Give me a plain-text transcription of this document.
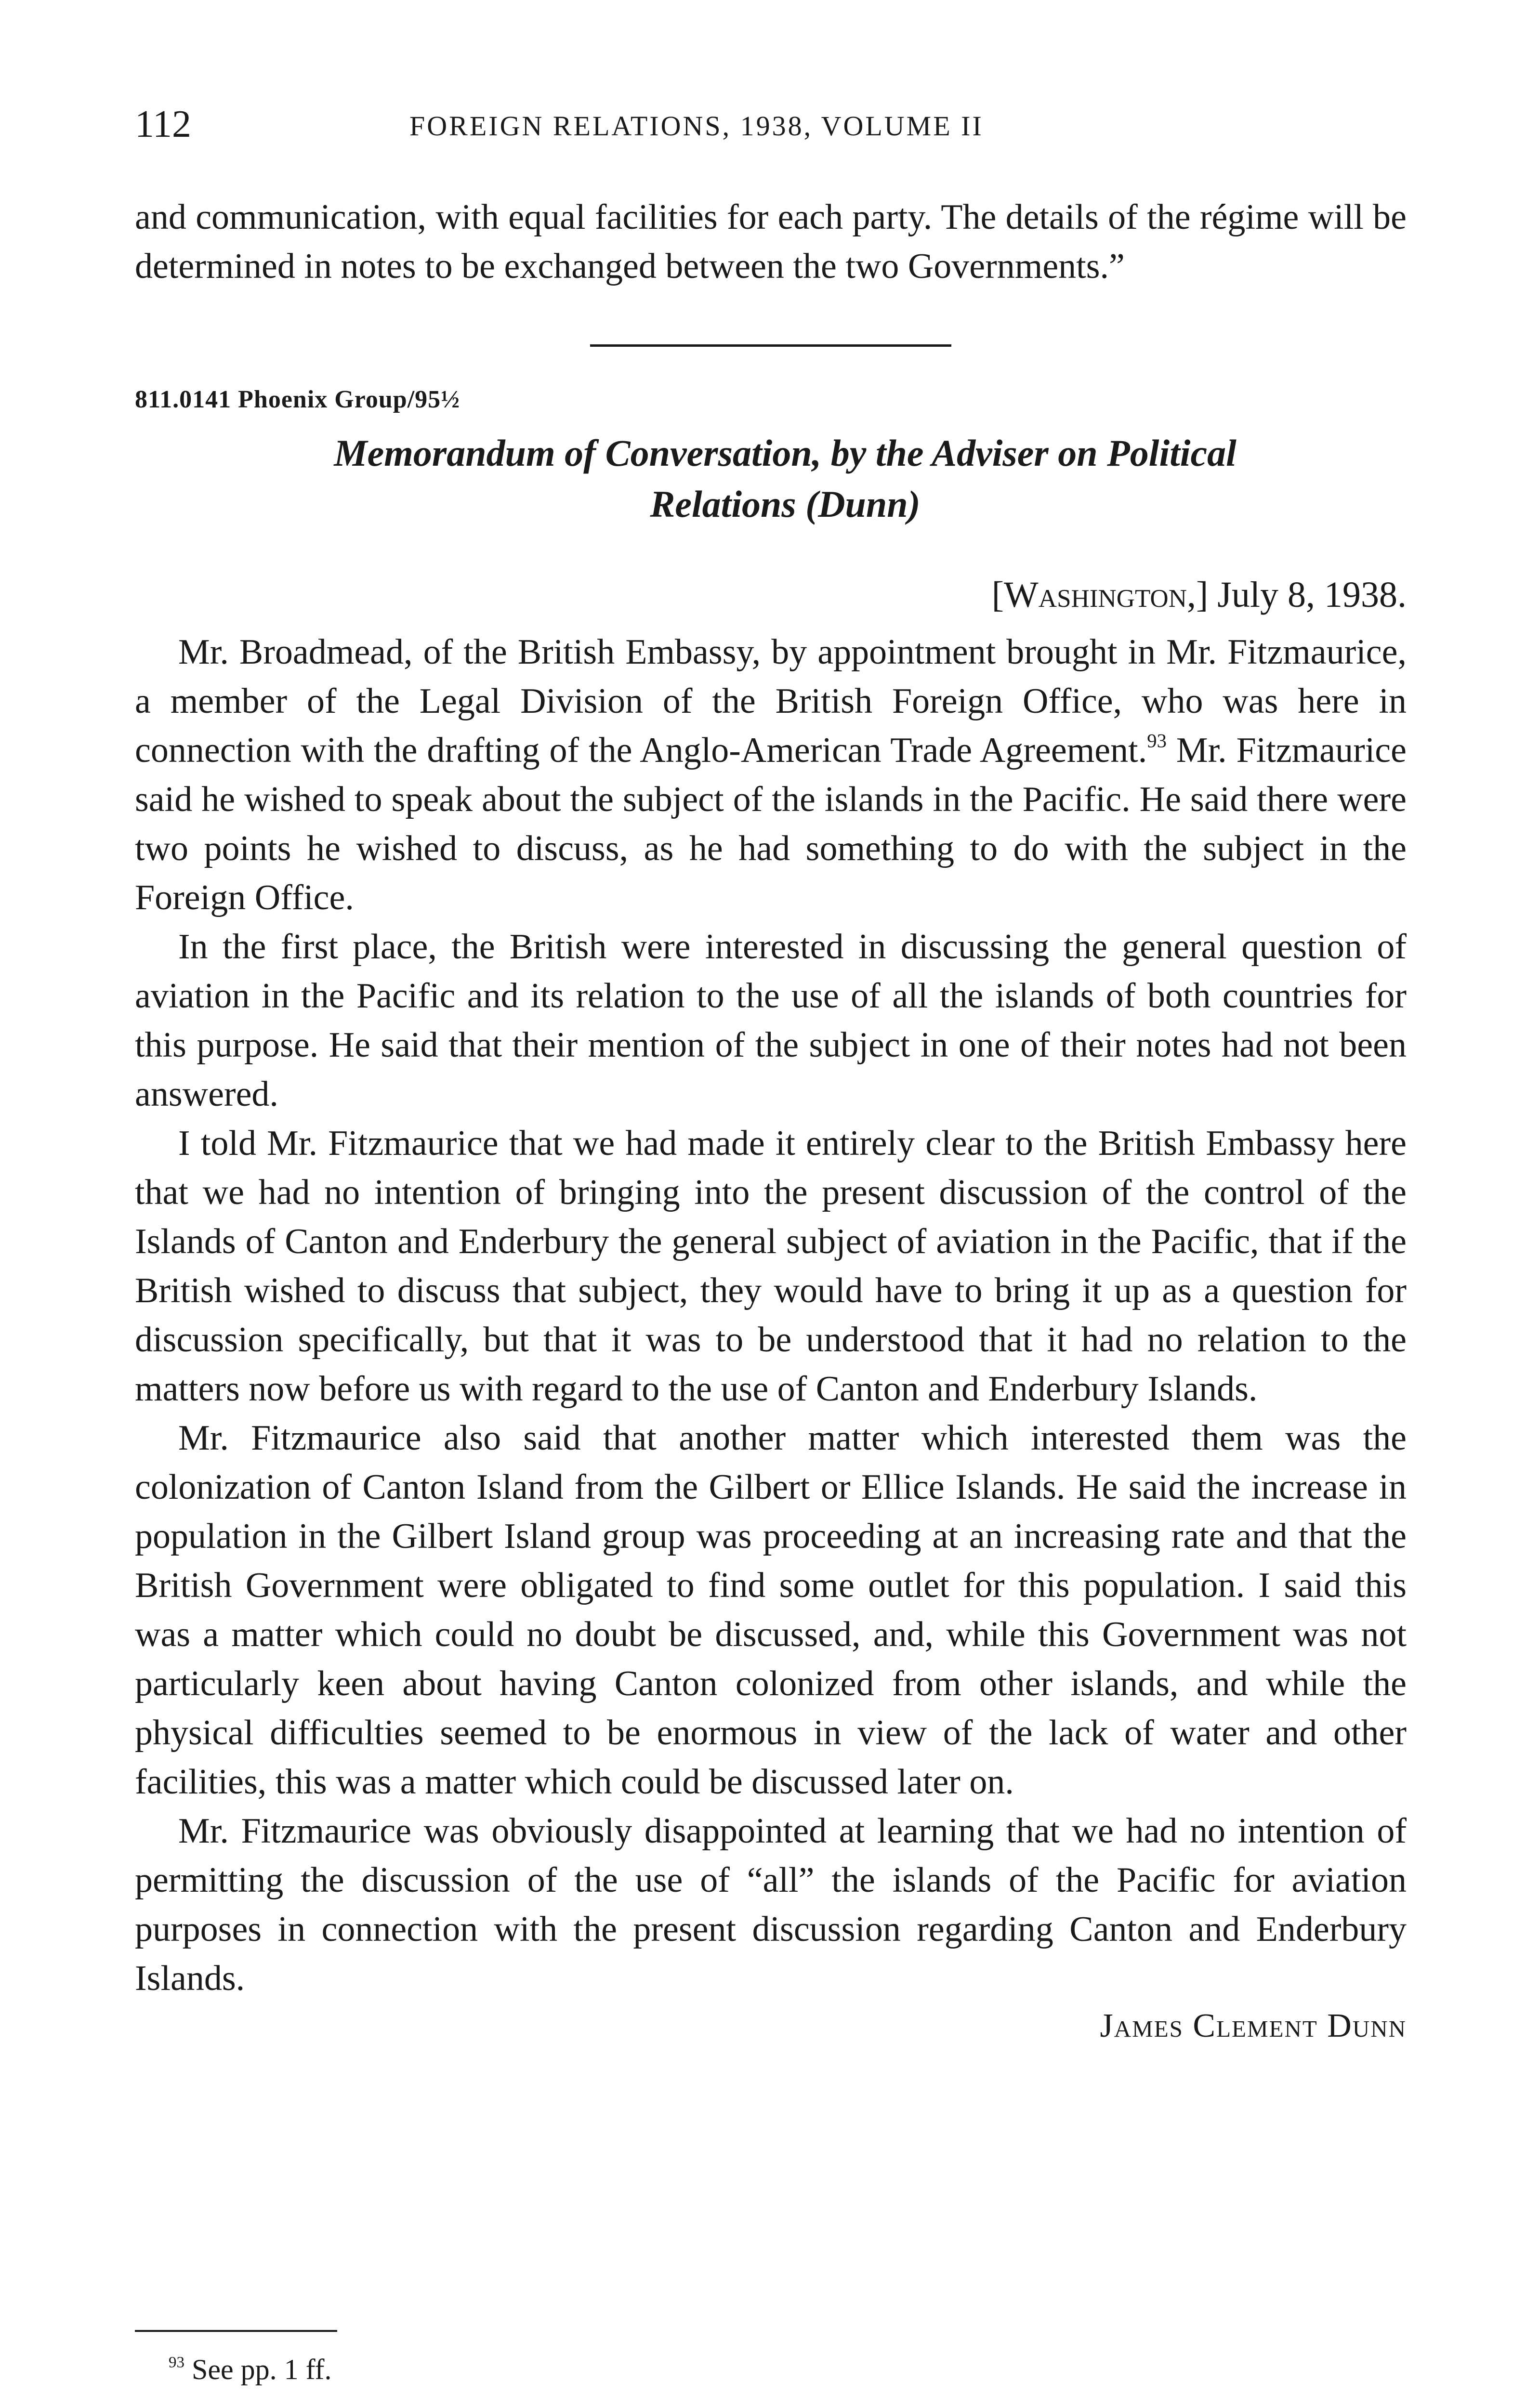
112	FOREIGN RELATIONS, 1938, VOLUME II

and communication, with equal facilities for each party. The details of the régime will be determined in notes to be exchanged between the two Governments.”

811.0141 Phoenix Group/95½
Memorandum of Conversation, by the Adviser on Political
Relations (Dunn)
[Washington,] July 8, 1938.

Mr. Broadmead, of the British Embassy, by appointment brought in Mr. Fitzmaurice, a member of the Legal Division of the British Foreign Office, who was here in connection with the drafting of the Anglo-American Trade Agreement.$^{93}$ Mr. Fitzmaurice said he wished to speak about the subject of the islands in the Pacific. He said there were two points he wished to discuss, as he had something to do with the subject in the Foreign Office.

In the first place, the British were interested in discussing the general question of aviation in the Pacific and its relation to the use of all the islands of both countries for this purpose. He said that their mention of the subject in one of their notes had not been answered.

I told Mr. Fitzmaurice that we had made it entirely clear to the British Embassy here that we had no intention of bringing into the present discussion of the control of the Islands of Canton and Enderbury the general subject of aviation in the Pacific, that if the British wished to discuss that subject, they would have to bring it up as a question for discussion specifically, but that it was to be understood that it had no relation to the matters now before us with regard to the use of Canton and Enderbury Islands.

Mr. Fitzmaurice also said that another matter which interested them was the colonization of Canton Island from the Gilbert or Ellice Islands. He said the increase in population in the Gilbert Island group was proceeding at an increasing rate and that the British Government were obligated to find some outlet for this population. I said this was a matter which could no doubt be discussed, and, while this Government was not particularly keen about having Canton colonized from other islands, and while the physical difficulties seemed to be enormous in view of the lack of water and other facilities, this was a matter which could be discussed later on.

Mr. Fitzmaurice was obviously disappointed at learning that we had no intention of permitting the discussion of the use of “all” the islands of the Pacific for aviation purposes in connection with the present discussion regarding Canton and Enderbury Islands.

James Clement Dunn

$^{93}$ See pp. 1 ff.
